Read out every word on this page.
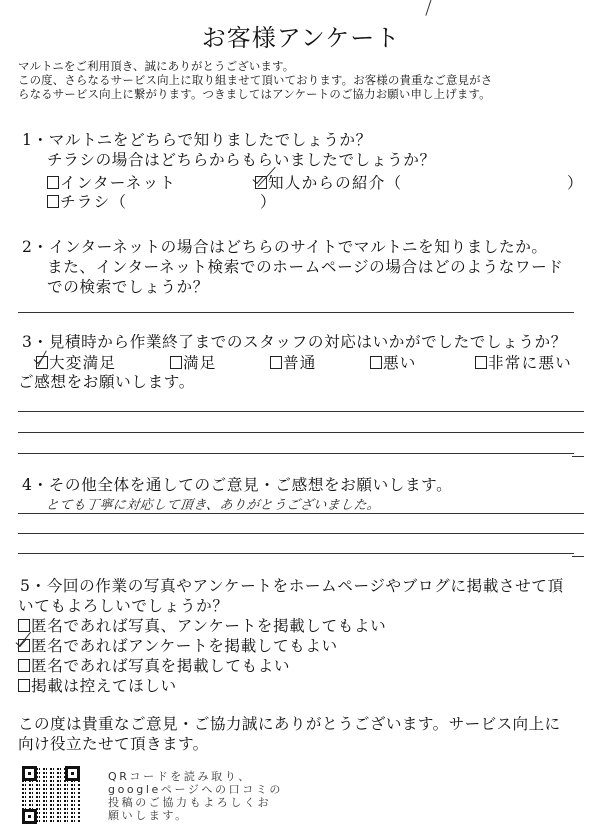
お客様アンケート
マルトニをご利用頂き、誠にありがとうございます。
この度、さらなるサービス向上に取り組ませて頂いております。お客様の貴重なご意見がさ
らなるサービス向上に繋がります。つきましてはアンケートのご協力お願い申し上げます。
1・マルトニをどちらで知りましたでしょうか？
チラシの場合はどちらからもらいましたでしょうか？
インターネット	知人からの紹介（	）
チラシ（	）
2・インターネットの場合はどちらのサイトでマルトニを知りましたか。
また、インターネット検索でのホームページの場合はどのようなワード
での検索でしょうか？
3・見積時から作業終了までのスタッフの対応はいかがでしたでしょうか？
大変満足	満足	普通	悪い	非常に悪い
ご感想をお願いします。
4・その他全体を通してのご意見・ご感想をお願いします。
とても丁寧に対応して頂き、ありがとうございました。
5・今回の作業の写真やアンケートをホームページやブログに掲載させて頂
いてもよろしいでしょうか？
匿名であれば写真、アンケートを掲載してもよい
匿名であればアンケートを掲載してもよい
匿名であれば写真を掲載してもよい
掲載は控えてほしい
この度は貴重なご意見・ご協力誠にありがとうございます。サービス向上に
向け役立たせて頂きます。
QRコードを読み取り、
googleページへの口コミの
投稿のご協力もよろしくお
願いします。
